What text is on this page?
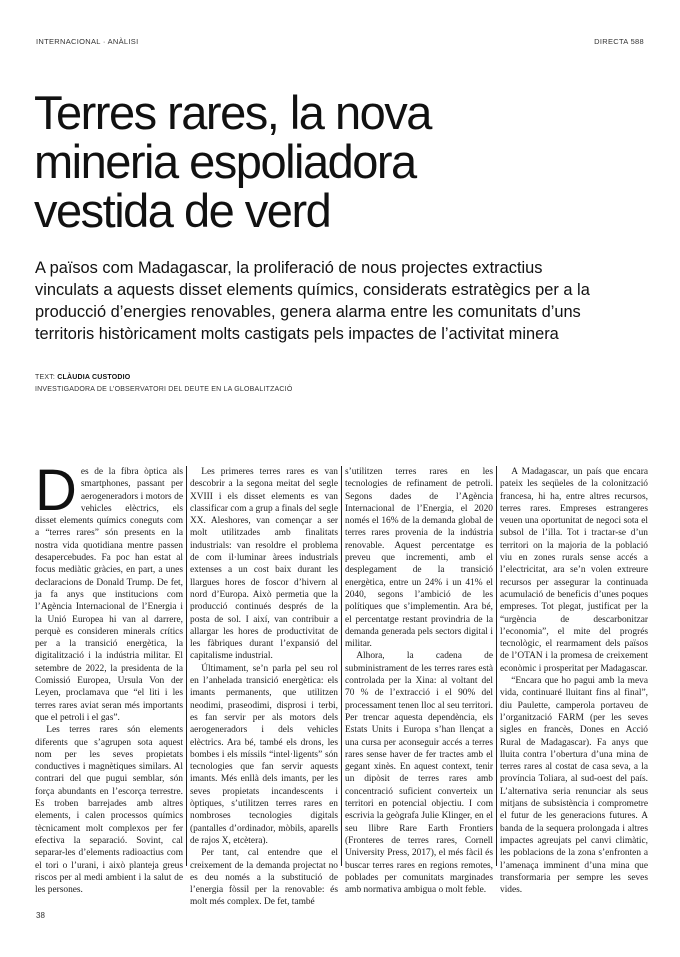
INTERNACIONAL · ANÀLISI	DIRECTA 588
Terres rares, la nova
mineria espoliadora
vestida de verd
A països com Madagascar, la proliferació de nous projectes extractius
vinculats a aquests disset elements químics, considerats estratègics per a la
producció d’energies renovables, genera alarma entre les comunitats d’uns
territoris històricament molts castigats pels impactes de l’activitat minera
TEXT: CLÀUDIA CUSTODIO
INVESTIGADORA DE L’OBSERVATORI DEL DEUTE EN LA GLOBALITZACIÓ

Des de la fibra òptica als smartphones, passant per aerogeneradors i motors de vehicles elèctrics, els disset elements químics coneguts com a “terres rares” són presents en la nostra vida quotidiana mentre passen desapercebudes. Fa poc han estat al focus mediàtic gràcies, en part, a unes declaracions de Donald Trump. De fet, ja fa anys que institucions com l’Agència Internacional de l’Energia i la Unió Europea hi van al darrere, perquè es consideren minerals crítics per a la transició energètica, la digitalització i la indústria militar. El setembre de 2022, la presidenta de la Comissió Europea, Ursula Von der Leyen, proclamava que “el liti i les terres rares aviat seran més importants que el petroli i el gas”.

Les terres rares són elements diferents que s’agrupen sota aquest nom per les seves propietats conductives i magnètiques similars. Al contrari del que pugui semblar, són força abundants en l’escorça terrestre. Es troben barrejades amb altres elements, i calen processos químics tècnicament molt complexos per fer efectiva la separació. Sovint, cal separar-les d’elements radioactius com el tori o l’urani, i això planteja greus riscos per al medi ambient i la salut de les persones.

Les primeres terres rares es van descobrir a la segona meitat del segle XVIII i els disset elements es van classificar com a grup a finals del segle XX. Aleshores, van començar a ser molt utilitzades amb finalitats industrials: van resoldre el problema de com il·luminar àrees industrials extenses a un cost baix durant les llargues hores de foscor d’hivern al nord d’Europa. Això permetia que la producció continués després de la posta de sol. I així, van contribuir a allargar les hores de productivitat de les fàbriques durant l’expansió del capitalisme industrial.

Últimament, se’n parla pel seu rol en l’anhelada transició energètica: els imants permanents, que utilitzen neodimi, praseodimi, disprosi i terbi, es fan servir per als motors dels aerogeneradors i dels vehicles elèctrics. Ara bé, també els drons, les bombes i els míssils “intel·ligents” són tecnologies que fan servir aquests imants. Més enllà dels imants, per les seves propietats incandescents i òptiques, s’utilitzen terres rares en nombroses tecnologies digitals (pantalles d’ordinador, mòbils, aparells de rajos X, etcètera).

Per tant, cal entendre que el creixement de la demanda projectat no es deu només a la substitució de l’energia fòssil per la renovable: és molt més complex. De fet, també

s’utilitzen terres rares en les tecnologies de refinament de petroli. Segons dades de l’Agència Internacional de l’Energia, el 2020 només el 16% de la demanda global de terres rares provenia de la indústria renovable. Aquest percentatge es preveu que incrementi, amb el desplegament de la transició energètica, entre un 24% i un 41% el 2040, segons l’ambició de les polítiques que s’implementin. Ara bé, el percentatge restant provindria de la demanda generada pels sectors digital i militar.

Alhora, la cadena de subministrament de les terres rares està controlada per la Xina: al voltant del 70 % de l’extracció i el 90% del processament tenen lloc al seu territori. Per trencar aquesta dependència, els Estats Units i Europa s’han llençat a una cursa per aconseguir accés a terres rares sense haver de fer tractes amb el gegant xinès. En aquest context, tenir un dipòsit de terres rares amb concentració suficient converteix un territori en potencial objectiu. I com escrivia la geògrafa Julie Klinger, en el seu llibre Rare Earth Frontiers (Fronteres de terres rares, Cornell University Press, 2017), el més fàcil és buscar terres rares en regions remotes, poblades per comunitats marginades amb normativa ambigua o molt feble.

A Madagascar, un país que encara pateix les seqüeles de la colonització francesa, hi ha, entre altres recursos, terres rares. Empreses estrangeres veuen una oportunitat de negoci sota el subsol de l’illa. Tot i tractar-se d’un territori on la majoria de la població viu en zones rurals sense accés a l’electricitat, ara se’n volen extreure recursos per assegurar la continuada acumulació de beneficis d’unes poques empreses. Tot plegat, justificat per la “urgència de descarbonitzar l’economia”, el mite del progrés tecnològic, el rearmament dels països de l’OTAN i la promesa de creixement econòmic i prosperitat per Madagascar.

“Encara que ho pagui amb la meva vida, continuaré lluitant fins al final”, diu Paulette, camperola portaveu de l’organització FARM (per les seves sigles en francès, Dones en Acció Rural de Madagascar). Fa anys que lluita contra l’obertura d’una mina de terres rares al costat de casa seva, a la província Toliara, al sud-oest del país. L’alternativa seria renunciar als seus mitjans de subsistència i comprometre el futur de les generacions futures. A banda de la sequera prolongada i altres impactes agreujats pel canvi climàtic, les poblacions de la zona s’enfronten a l’amenaça imminent d’una mina que transformaria per sempre les seves vides.

38
